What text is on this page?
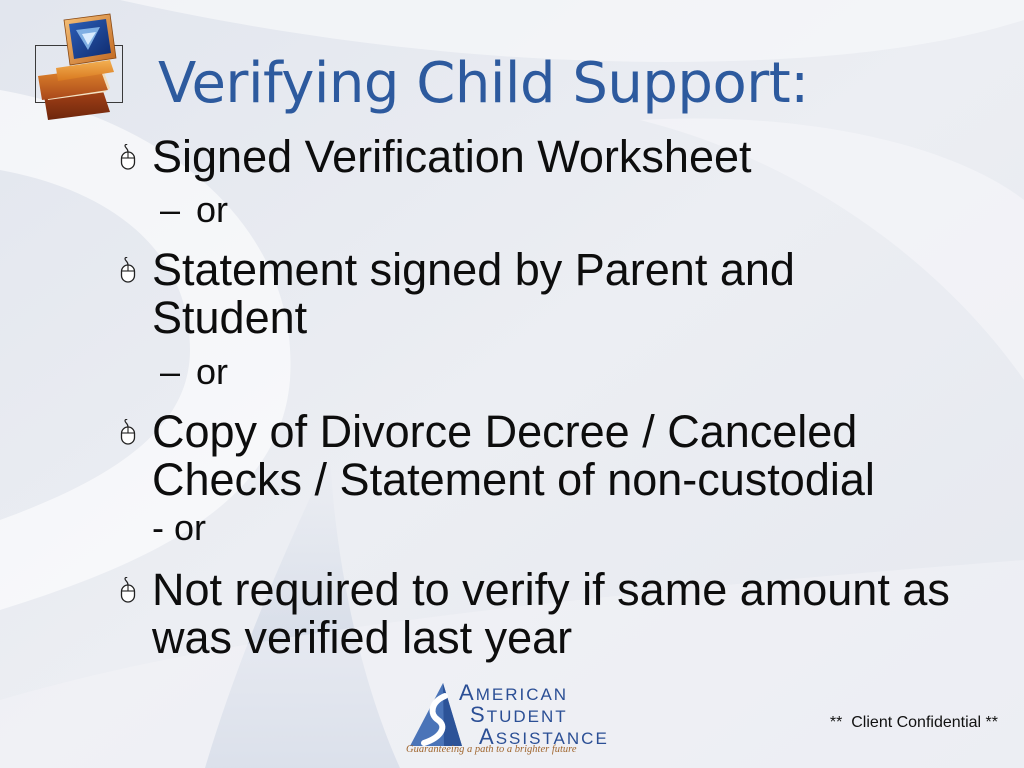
Verifying Child Support:
Signed Verification Worksheet
– or
Statement signed by Parent and
Student
– or
Copy of Divorce Decree / Canceled
Checks / Statement of non-custodial
- or
Not required to verify if same amount as
was verified last year
AMERICAN
STUDENT
ASSISTANCE
Guaranteeing a path to a brighter future
**  Client Confidential **
